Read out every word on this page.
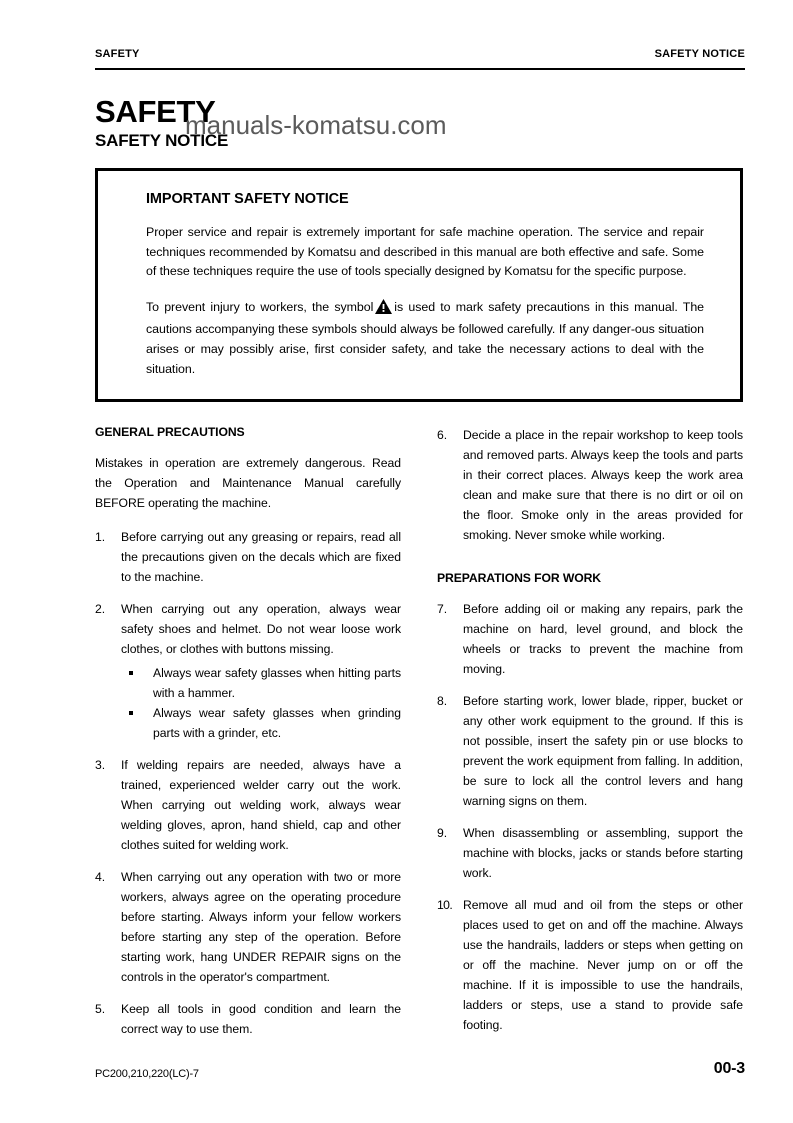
SAFETY	SAFETY NOTICE
SAFETY
manuals-komatsu.com
SAFETY NOTICE
IMPORTANT SAFETY NOTICE

Proper service and repair is extremely important for safe machine operation. The service and repair techniques recommended by Komatsu and described in this manual are both effective and safe. Some of these techniques require the use of tools specially designed by Komatsu for the specific purpose.

To prevent injury to workers, the symbol is used to mark safety precautions in this manual. The cautions accompanying these symbols should always be followed carefully. If any danger-ous situation arises or may possibly arise, first consider safety, and take the necessary actions to deal with the situation.

GENERAL PRECAUTIONS

Mistakes in operation are extremely dangerous. Read the Operation and Maintenance Manual carefully BEFORE operating the machine.

1.	Before carrying out any greasing or repairs, read all the precautions given on the decals which are fixed to the machine.
2.	When carrying out any operation, always wear safety shoes and helmet. Do not wear loose work clothes, or clothes with buttons missing.
Always wear safety glasses when hitting parts with a hammer.
Always wear safety glasses when grinding parts with a grinder, etc.
3.	If welding repairs are needed, always have a trained, experienced welder carry out the work. When carrying out welding work, always wear welding gloves, apron, hand shield, cap and other clothes suited for welding work.
4.	When carrying out any operation with two or more workers, always agree on the operating procedure before starting. Always inform your fellow workers before starting any step of the operation. Before starting work, hang UNDER REPAIR signs on the controls in the operator's compartment.
5.	Keep all tools in good condition and learn the correct way to use them.
6.	Decide a place in the repair workshop to keep tools and removed parts. Always keep the tools and parts in their correct places. Always keep the work area clean and make sure that there is no dirt or oil on the floor. Smoke only in the areas provided for smoking. Never smoke while working.
PREPARATIONS FOR WORK
7.	Before adding oil or making any repairs, park the machine on hard, level ground, and block the wheels or tracks to prevent the machine from moving.
8.	Before starting work, lower blade, ripper, bucket or any other work equipment to the ground. If this is not possible, insert the safety pin or use blocks to prevent the work equipment from falling. In addition, be sure to lock all the control levers and hang warning signs on them.
9.	When disassembling or assembling, support the machine with blocks, jacks or stands before starting work.
10. Remove all mud and oil from the steps or other places used to get on and off the machine. Always use the handrails, ladders or steps when getting on or off the machine. Never jump on or off the machine. If it is impossible to use the handrails, ladders or steps, use a stand to provide safe footing.
PC200,210,220(LC)-7	00-3
